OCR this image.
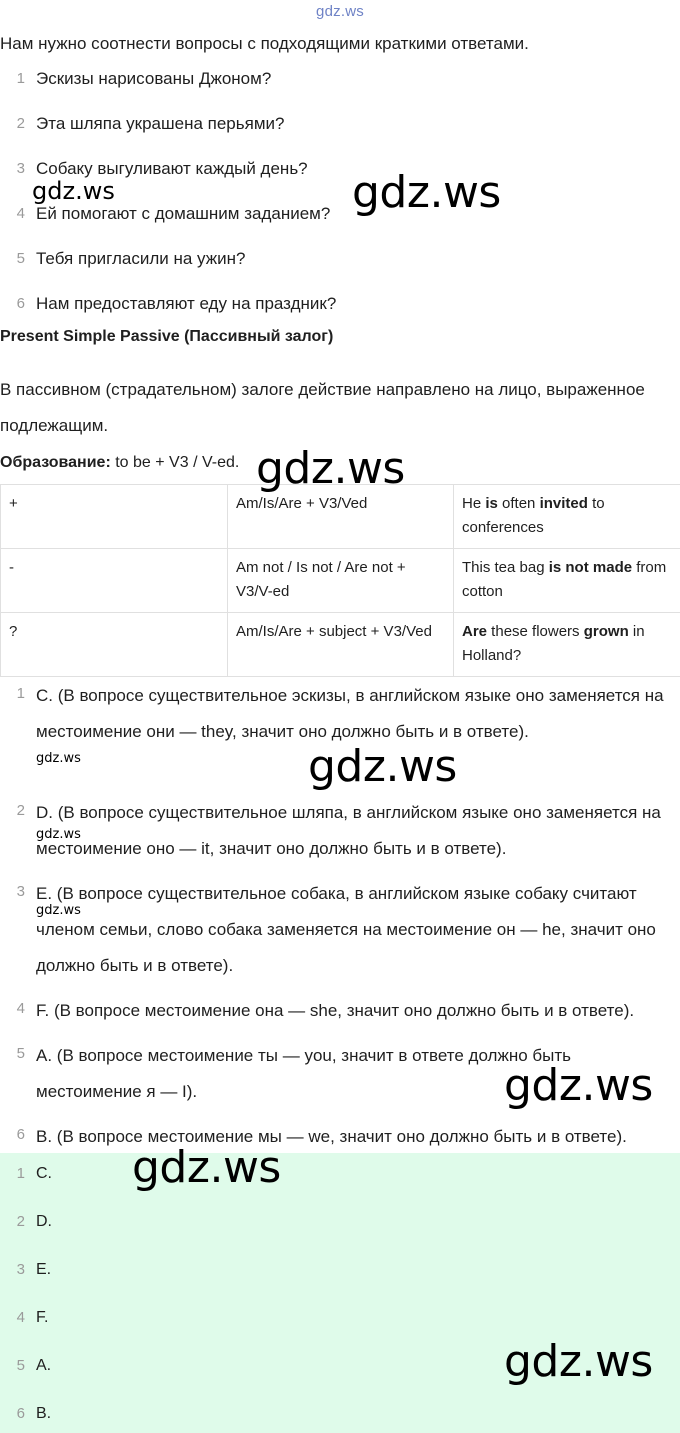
gdz.ws
Нам нужно соотнести вопросы с подходящими краткими ответами.
1 Эскизы нарисованы Джоном?
2 Эта шляпа украшена перьями?
3 Собаку выгуливают каждый день?
4 Ей помогают с домашним заданием?
5 Тебя пригласили на ужин?
6 Нам предоставляют еду на праздник?
Present Simple Passive (Пассивный залог)
В пассивном (страдательном) залоге действие направлено на лицо, выраженное подлежащим.
Образование: to be + V3 / V-ed.
+	Am/Is/Are + V3/Ved	He is often invited to conferences
-	Am not / Is not / Are not + V3/V-ed	This tea bag is not made from cotton
?	Am/Is/Are + subject + V3/Ved	Are these flowers grown in Holland?
1 C. (В вопросе существительное эскизы, в английском языке оно заменяется на местоимение они — they, значит оно должно быть и в ответе).
2 D. (В вопросе существительное шляпа, в английском языке оно заменяется на местоимение оно — it, значит оно должно быть и в ответе).
3 E. (В вопросе существительное собака, в английском языке собаку считают членом семьи, слово собака заменяется на местоимение он — he, значит оно должно быть и в ответе).
4 F. (В вопросе местоимение она — she, значит оно должно быть и в ответе).
5 A. (В вопросе местоимение ты — you, значит в ответе должно быть местоимение я — I).
6 B. (В вопросе местоимение мы — we, значит оно должно быть и в ответе).
1 C.
2 D.
3 E.
4 F.
5 A.
6 B.
gdz.ws	gdz.ws
gdz.ws
gdz.ws	gdz.ws
gdz.ws
gdz.ws
gdz.ws
gdz.ws
gdz.ws
